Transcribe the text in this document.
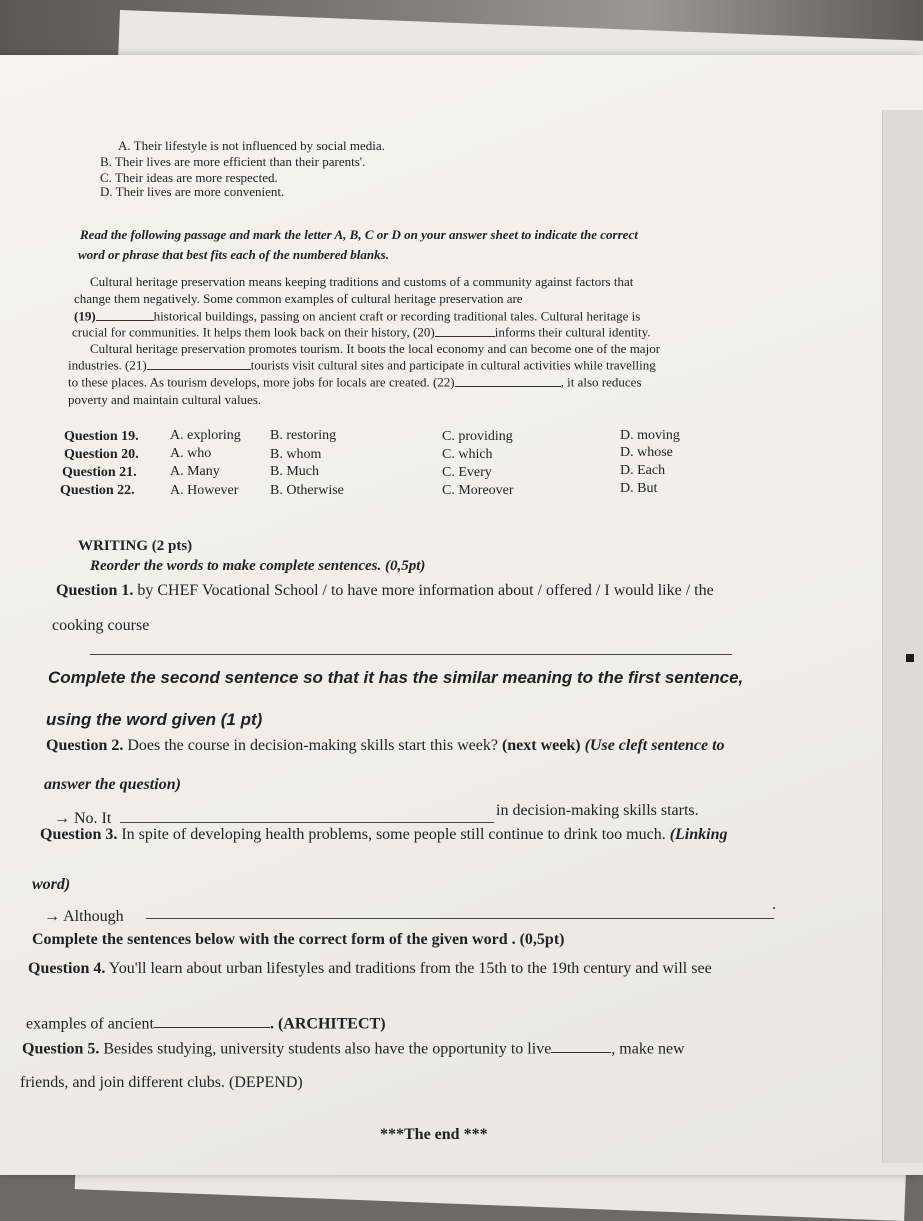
A. Their lifestyle is not influenced by social media.
B. Their lives are more efficient than their parents'.
C. Their ideas are more respected.
D. Their lives are more convenient.
Read the following passage and mark the letter A, B, C or D on your answer sheet to indicate the correct
word or phrase that best fits each of the numbered blanks.
Cultural heritage preservation means keeping traditions and customs of a community against factors that
change them negatively. Some common examples of cultural heritage preservation are
(19)	historical buildings, passing on ancient craft or recording traditional tales. Cultural heritage is
crucial for communities. It helps them look back on their history, (20)	informs their cultural identity.
Cultural heritage preservation promotes tourism. It boots the local economy and can become one of the major
industries. (21)	tourists visit cultural sites and participate in cultural activities while travelling
to these places. As tourism develops, more jobs for locals are created. (22)	, it also reduces
poverty and maintain cultural values.
Question 19. A. exploring B. restoring	C. providing	D. moving
Question 20. A. who	B. whom	C. which	D. whose
Question 21. A. Many	B. Much	C. Every	D. Each
Question 22.	A. However B. Otherwise	C. Moreover	D. But
WRITING (2 pts)
Reorder the words to make complete sentences. (0,5pt)
Question 1. by CHEF Vocational School / to have more information about / offered / I would like / the
cooking course
Complete the second sentence so that it has the similar meaning to the first sentence,
using the word given (1 pt)
Question 2. Does the course in decision-making skills start this week? (next week) (Use cleft sentence to
answer the question)
→ No. It	in decision-making skills starts.
Question 3. In spite of developing health problems, some people still continue to drink too much. (Linking
word)
→ Although
.
Complete the sentences below with the correct form of the given word . (0,5pt)
Question 4. You'll learn about urban lifestyles and traditions from the 15th to the 19th century and will see
examples of ancient	. (ARCHITECT)
Question 5. Besides studying, university students also have the opportunity to live	, make new
friends, and join different clubs. (DEPEND)
***The end ***
